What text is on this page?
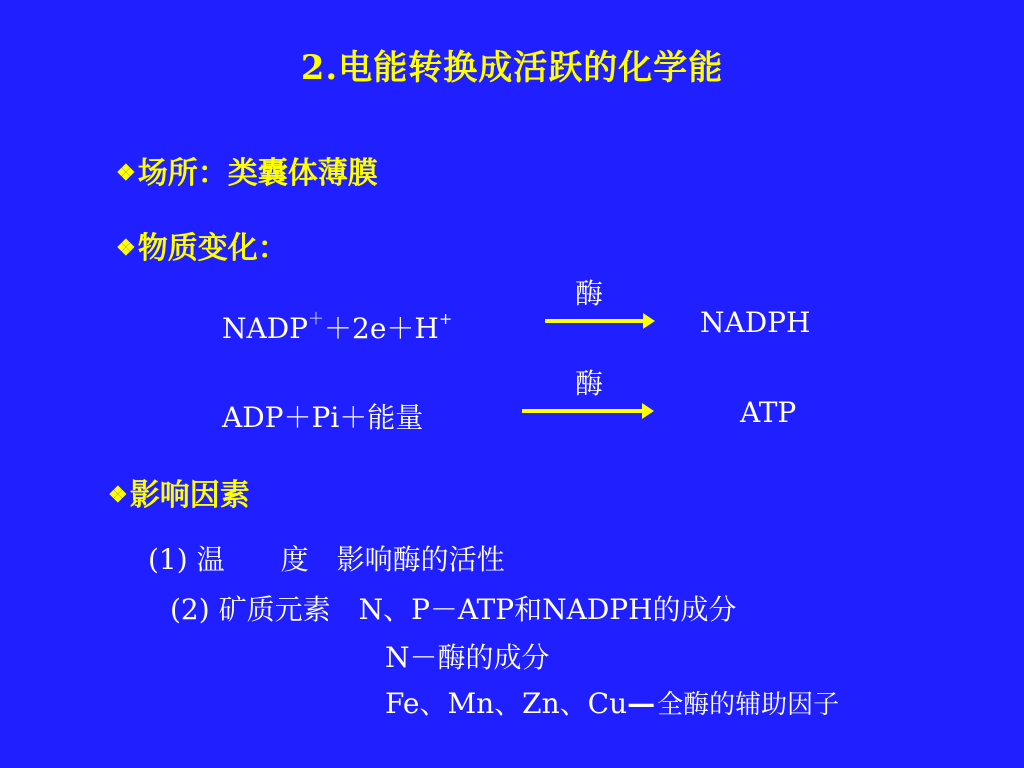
2.电能转换成活跃的化学能
❖场所：类囊体薄膜
❖物质变化：
酶
NADP＋＋2e＋H+	NADPH
酶
ADP＋Pi＋能量	ATP
❖影响因素
(1) 温　　度　影响酶的活性
(2) 矿质元素　N、P－ATP和NADPH的成分
N－酶的成分
Fe、Mn、Zn、Cu— 全酶的辅助因子
